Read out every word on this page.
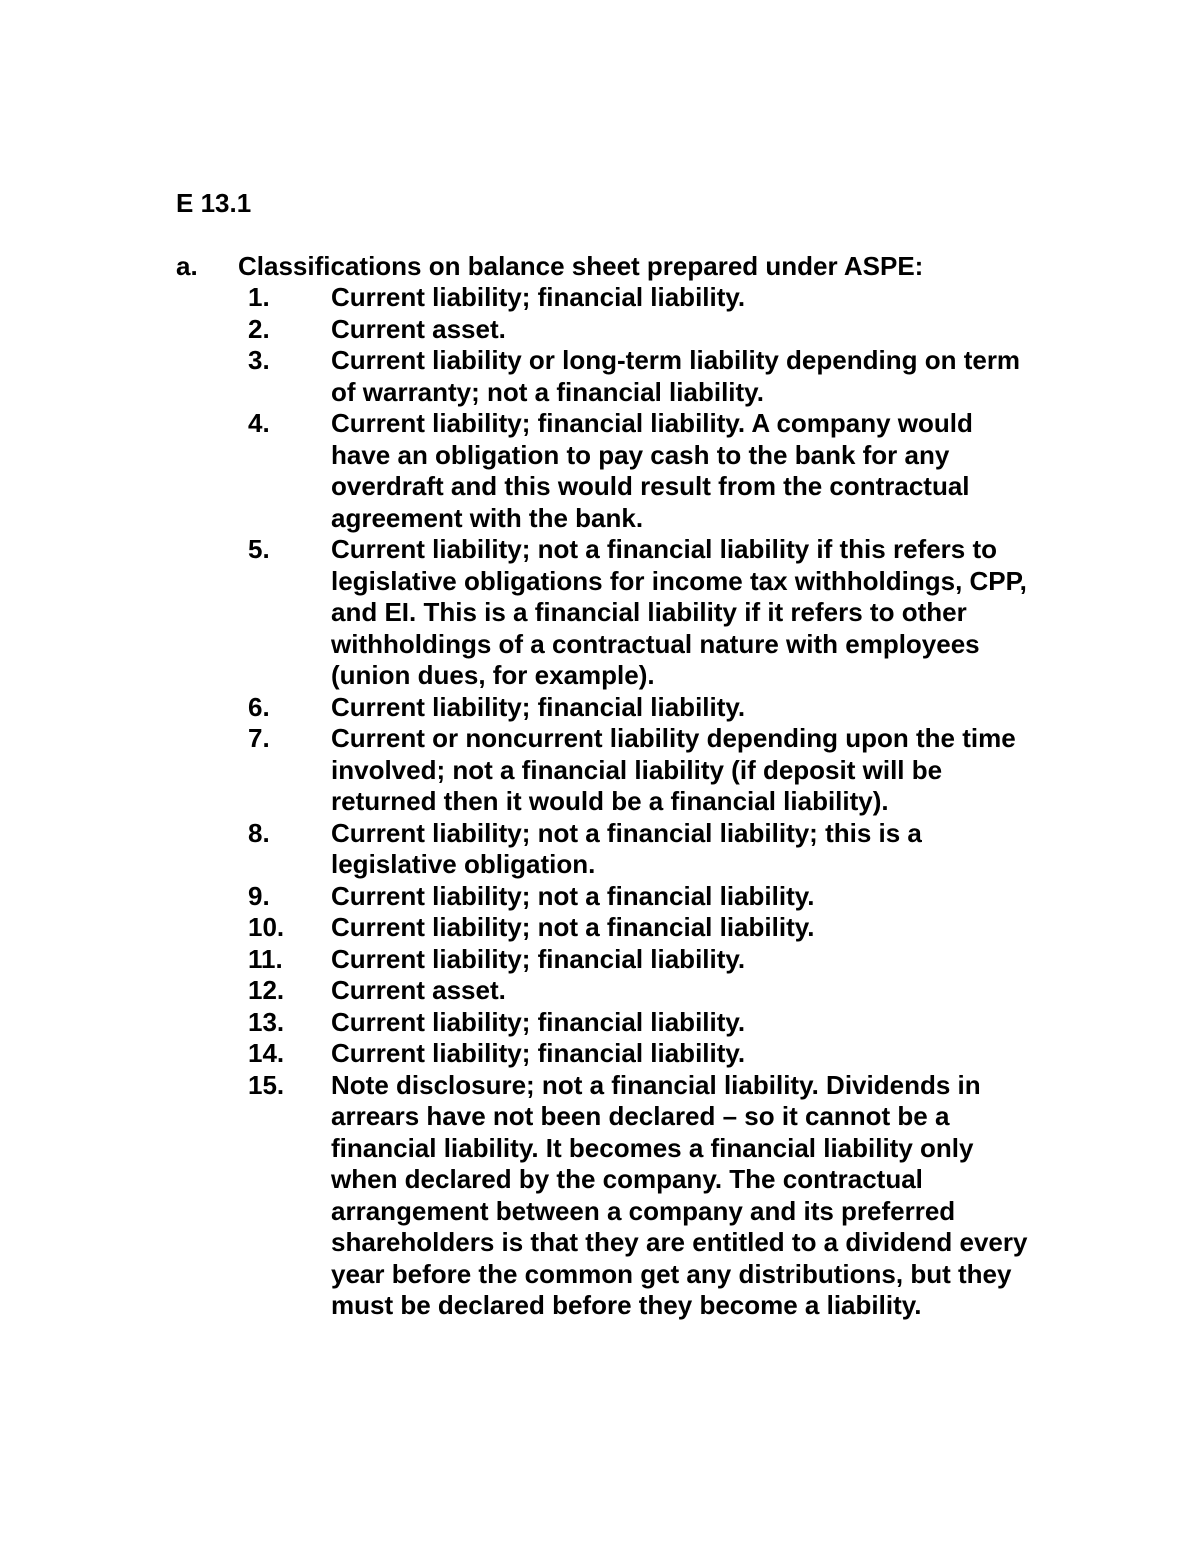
E 13.1
a. Classifications on balance sheet prepared under ASPE:
1. Current liability; financial liability.
2. Current asset.
3. Current liability or long-term liability depending on term
of warranty; not a financial liability.
4. Current liability; financial liability. A company would
have an obligation to pay cash to the bank for any
overdraft and this would result from the contractual
agreement with the bank.
5. Current liability; not a financial liability if this refers to
legislative obligations for income tax withholdings, CPP,
and EI. This is a financial liability if it refers to other
withholdings of a contractual nature with employees
(union dues, for example).
6. Current liability; financial liability.
7. Current or noncurrent liability depending upon the time
involved; not a financial liability (if deposit will be
returned then it would be a financial liability).
8. Current liability; not a financial liability; this is a
legislative obligation.
9. Current liability; not a financial liability.
10. Current liability; not a financial liability.
11. Current liability; financial liability.
12. Current asset.
13. Current liability; financial liability.
14. Current liability; financial liability.
15. Note disclosure; not a financial liability. Dividends in
arrears have not been declared – so it cannot be a
financial liability. It becomes a financial liability only
when declared by the company. The contractual
arrangement between a company and its preferred
shareholders is that they are entitled to a dividend every
year before the common get any distributions, but they
must be declared before they become a liability.
